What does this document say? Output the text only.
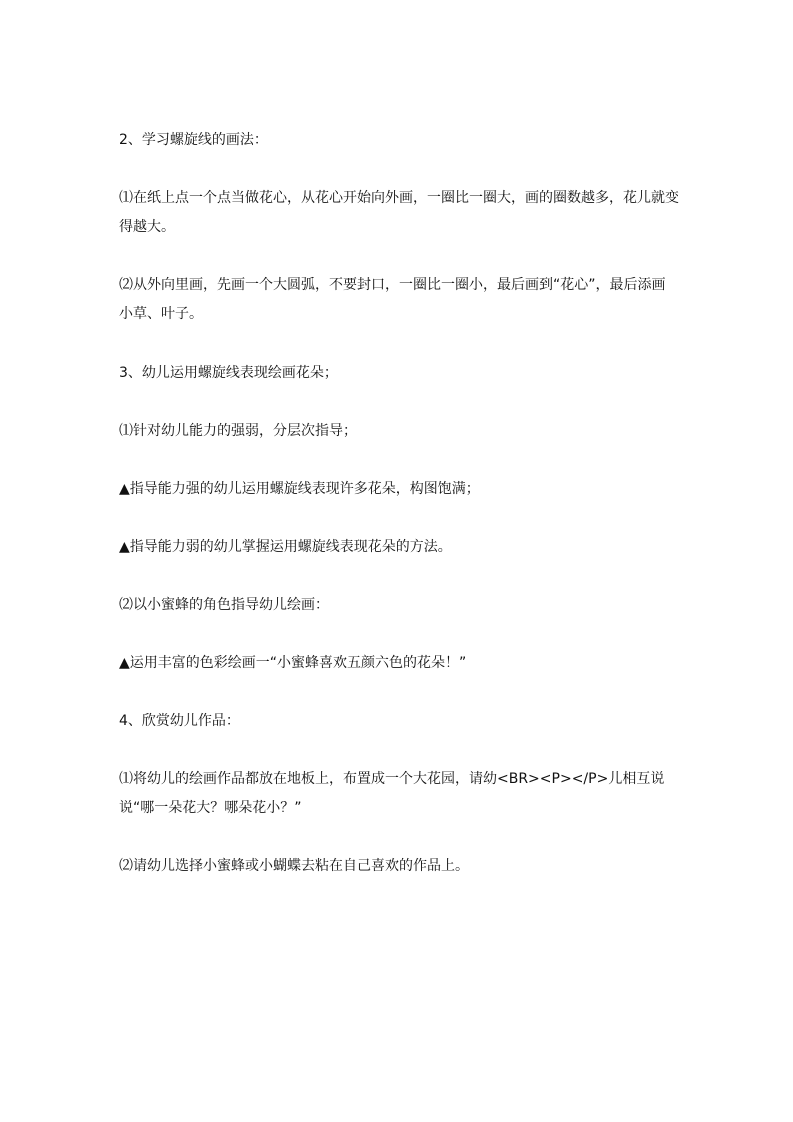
2、学习螺旋线的画法：

⑴在纸上点一个点当做花心，从花心开始向外画，一圈比一圈大，画的圈数越多，花儿就变得越大。

⑵从外向里画，先画一个大圆弧，不要封口，一圈比一圈小，最后画到“花心”，最后添画小草、叶子。

3、幼儿运用螺旋线表现绘画花朵；

⑴针对幼儿能力的强弱，分层次指导；

▲指导能力强的幼儿运用螺旋线表现许多花朵，构图饱满；

▲指导能力弱的幼儿掌握运用螺旋线表现花朵的方法。

⑵以小蜜蜂的角色指导幼儿绘画：

▲运用丰富的色彩绘画一“小蜜蜂喜欢五颜六色的花朵！”

4、欣赏幼儿作品：

⑴将幼儿的绘画作品都放在地板上，布置成一个大花园，请幼<BR><P></P>儿相互说说“哪一朵花大？哪朵花小？”

⑵请幼儿选择小蜜蜂或小蝴蝶去粘在自己喜欢的作品上。
